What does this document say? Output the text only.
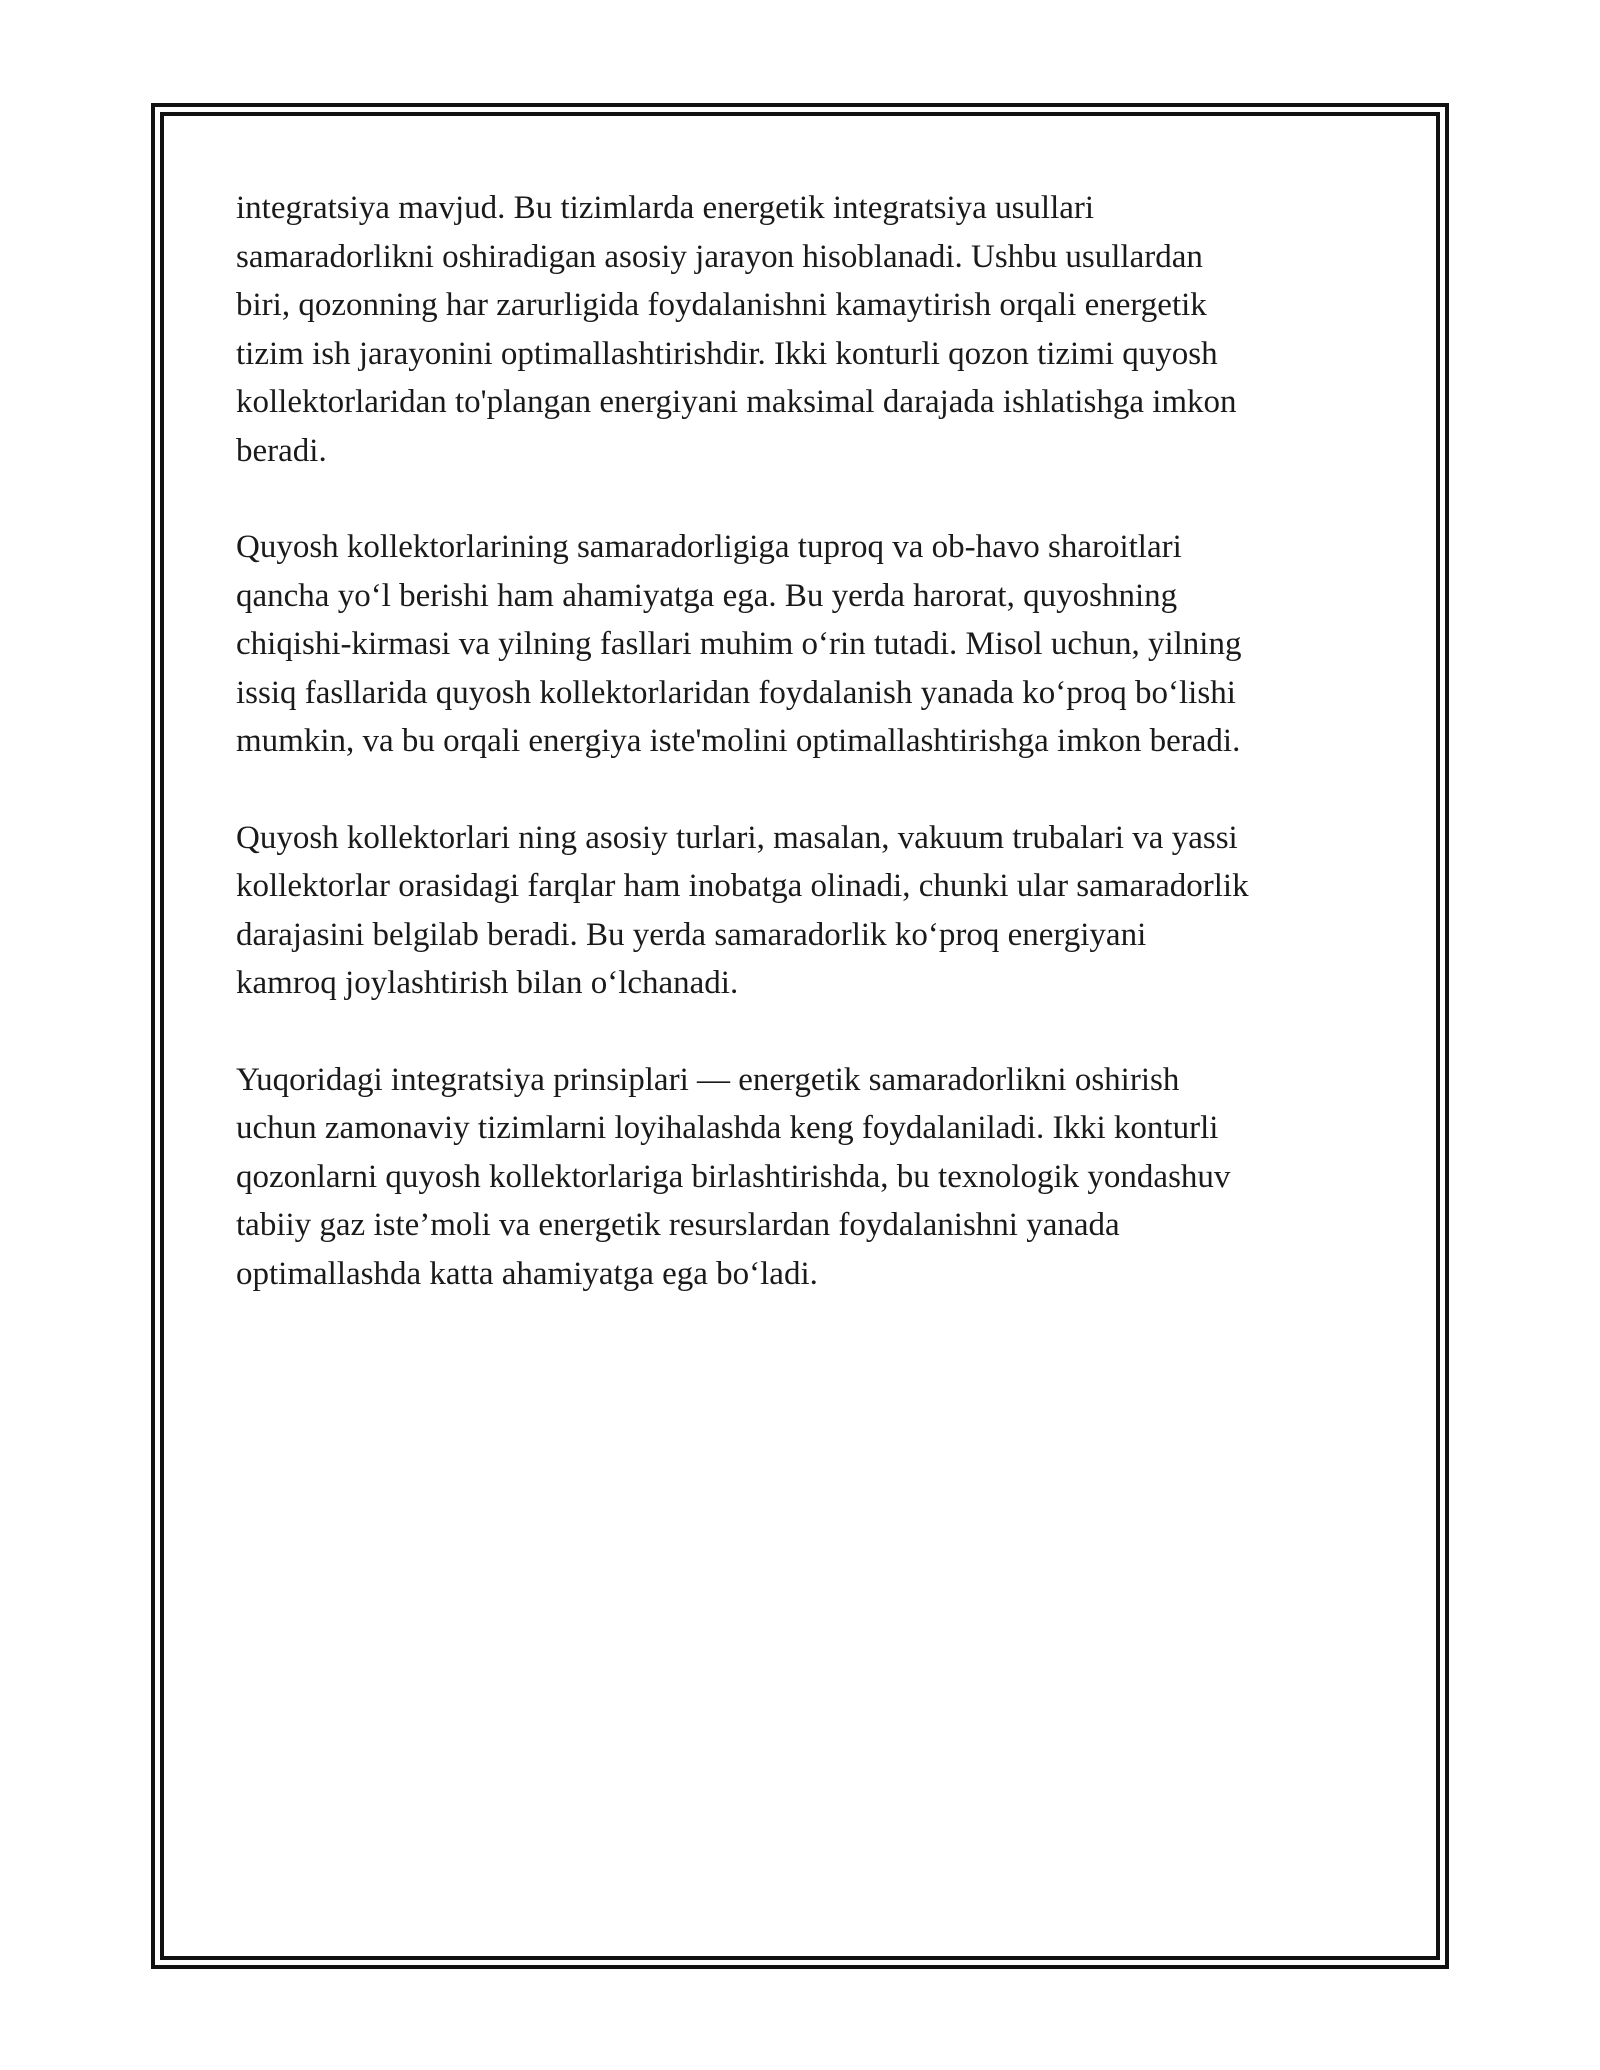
integratsiya mavjud. Bu tizimlarda energetik integratsiya usullari
samaradorlikni oshiradigan asosiy jarayon hisoblanadi. Ushbu usullardan
biri, qozonning har zarurligida foydalanishni kamaytirish orqali energetik
tizim ish jarayonini optimallashtirishdir. Ikki konturli qozon tizimi quyosh
kollektorlaridan to'plangan energiyani maksimal darajada ishlatishga imkon
beradi.

Quyosh kollektorlarining samaradorligiga tuproq va ob-havo sharoitlari
qancha yo‘l berishi ham ahamiyatga ega. Bu yerda harorat, quyoshning
chiqishi-kirmasi va yilning fasllari muhim o‘rin tutadi. Misol uchun, yilning
issiq fasllarida quyosh kollektorlaridan foydalanish yanada ko‘proq bo‘lishi
mumkin, va bu orqali energiya iste'molini optimallashtirishga imkon beradi.

Quyosh kollektorlari ning asosiy turlari, masalan, vakuum trubalari va yassi
kollektorlar orasidagi farqlar ham inobatga olinadi, chunki ular samaradorlik
darajasini belgilab beradi. Bu yerda samaradorlik ko‘proq energiyani
kamroq joylashtirish bilan o‘lchanadi.

Yuqoridagi integratsiya prinsiplari — energetik samaradorlikni oshirish
uchun zamonaviy tizimlarni loyihalashda keng foydalaniladi. Ikki konturli
qozonlarni quyosh kollektorlariga birlashtirishda, bu texnologik yondashuv
tabiiy gaz iste’moli va energetik resurslardan foydalanishni yanada
optimallashda katta ahamiyatga ega bo‘ladi.
